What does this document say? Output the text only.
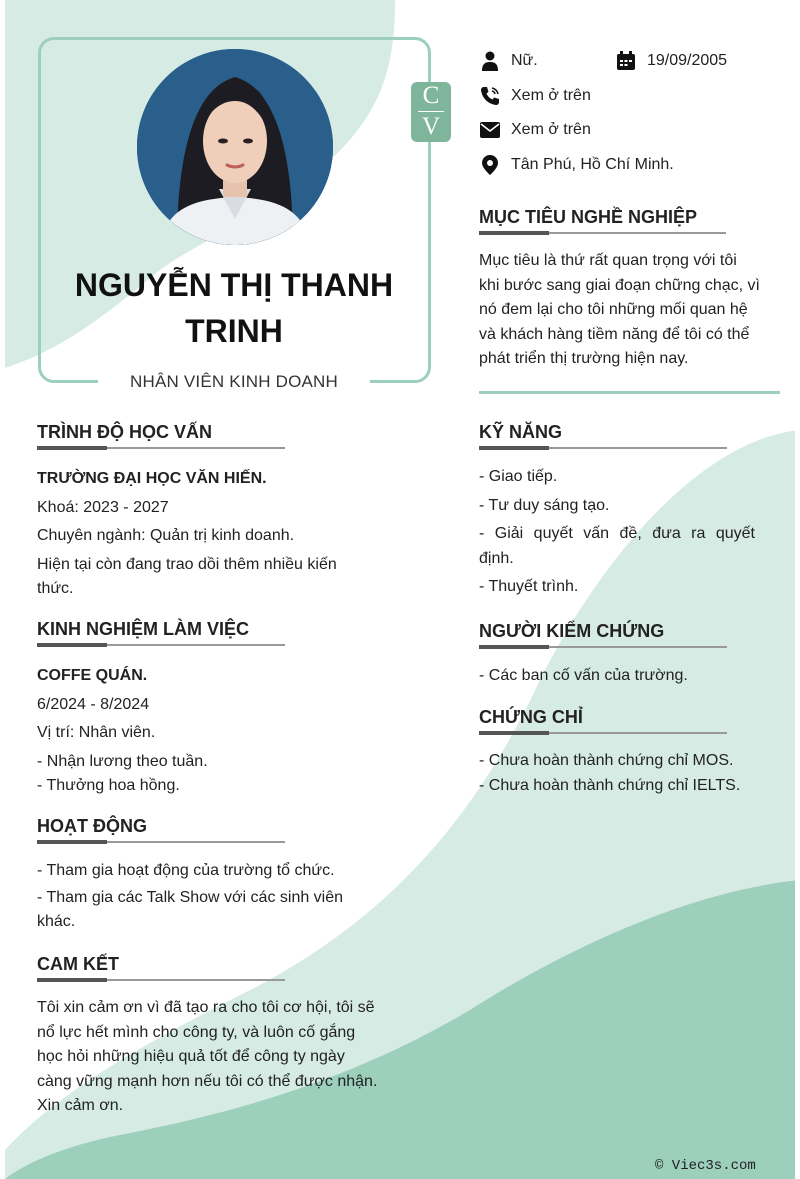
C
V
NGUYỄN THỊ THANH
TRINH
NHÂN VIÊN KINH DOANH
Nữ.	19/09/2005
Xem ở trên
Xem ở trên
Tân Phú, Hồ Chí Minh.
MỤC TIÊU NGHỀ NGHIỆP

Mục tiêu là thứ rất quan trọng với tôi

khi bước sang giai đoạn chững chạc, vì

nó đem lại cho tôi những mối quan hệ

và khách hàng tiềm năng để tôi có thể

phát triển thị trường hiện nay.

TRÌNH ĐỘ HỌC VẤN

TRƯỜNG ĐẠI HỌC VĂN HIẾN.

Khoá: 2023 - 2027

Chuyên ngành: Quản trị kinh doanh.

Hiện tại còn đang trao dồi thêm nhiều kiến

thức.

KINH NGHIỆM LÀM VIỆC

COFFE QUÁN.

6/2024 - 8/2024

Vị trí: Nhân viên.

- Nhận lương theo tuần.

- Thưởng hoa hồng.

HOẠT ĐỘNG

- Tham gia hoạt động của trường tổ chức.

- Tham gia các Talk Show với các sinh viên

khác.

CAM KẾT

Tôi xin cảm ơn vì đã tạo ra cho tôi cơ hội, tôi sẽ

nổ lực hết mình cho công ty, và luôn cố gắng

học hỏi những hiệu quả tốt để công ty ngày

càng vững mạnh hơn nếu tôi có thể được nhận.

Xin cảm ơn.

KỸ NĂNG

- Giao tiếp.

- Tư duy sáng tạo.

- Giải quyết vấn đề, đưa ra quyết

định.

- Thuyết trình.

NGƯỜI KIỂM CHỨNG

- Các ban cố vấn của trường.

CHỨNG CHỈ

- Chưa hoàn thành chứng chỉ MOS.

- Chưa hoàn thành chứng chỉ IELTS.

© Viec3s.com
